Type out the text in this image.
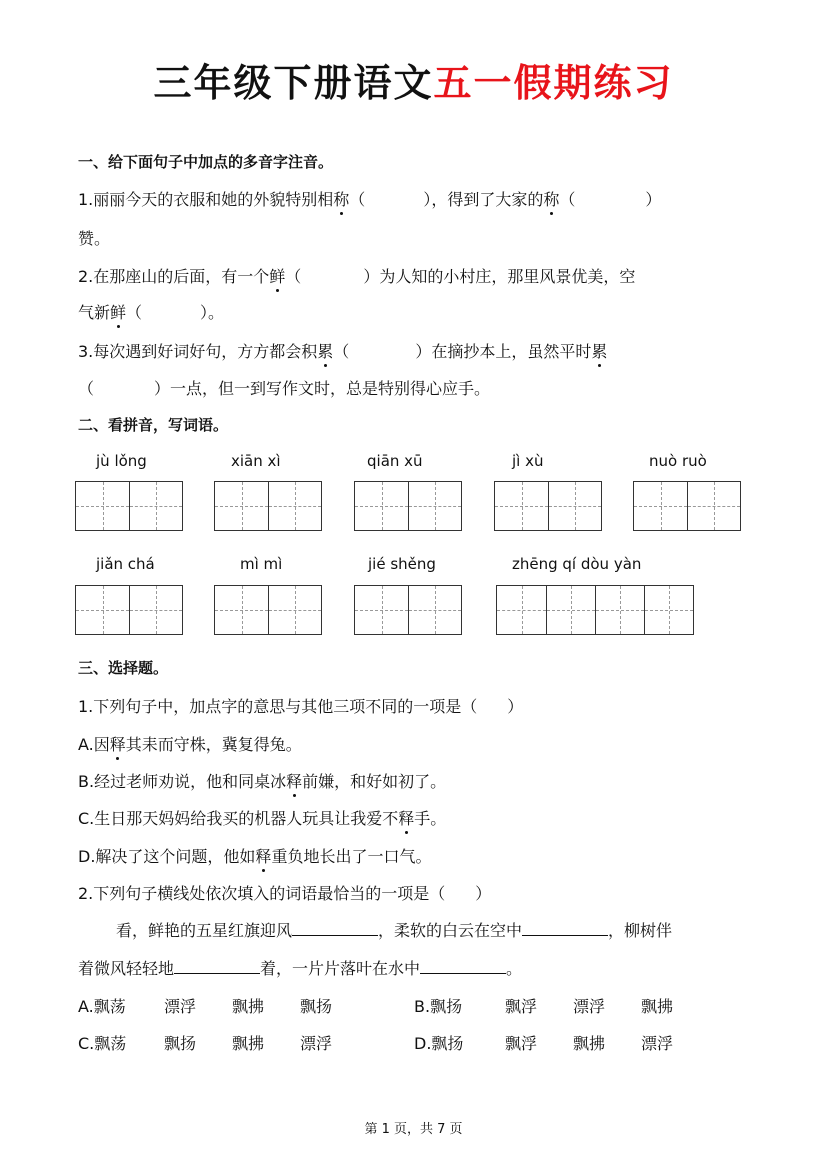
三年级下册语文五一假期练习
一、给下面句子中加点的多音字注音。
1.丽丽今天的衣服和她的外貌特别相称（	），得到了大家的称（	）
赞。
2.在那座山的后面，有一个鲜（	）为人知的小村庄，那里风景优美，空
气新鲜（	）。
3.每次遇到好词好句，方方都会积累（	）在摘抄本上，虽然平时累
（	）一点，但一到写作文时，总是特别得心应手。
二、看拼音，写词语。
jù lǒng	xiān xì	qiān xū	jì xù	nuò ruò
jiǎn chá	mì mì	jié shěng	zhēng qí dòu yàn
三、选择题。
1.下列句子中，加点字的意思与其他三项不同的一项是（ ）
A.因释其耒而守株，冀复得兔。
B.经过老师劝说，他和同桌冰释前嫌，和好如初了。
C.生日那天妈妈给我买的机器人玩具让我爱不释手。
D.解决了这个问题，他如释重负地长出了一口气。
2.下列句子横线处依次填入的词语最恰当的一项是（ ）
看，鲜艳的五星红旗迎风	，柔软的白云在空中	，柳树伴
着微风轻轻地	着，一片片落叶在水中	。
A.飘荡 漂浮 飘拂 飘扬	B.飘扬	飘浮 漂浮 飘拂
C.飘荡 飘扬 飘拂 漂浮	D.飘扬	飘浮 飘拂 漂浮
第 1 页，共 7 页
